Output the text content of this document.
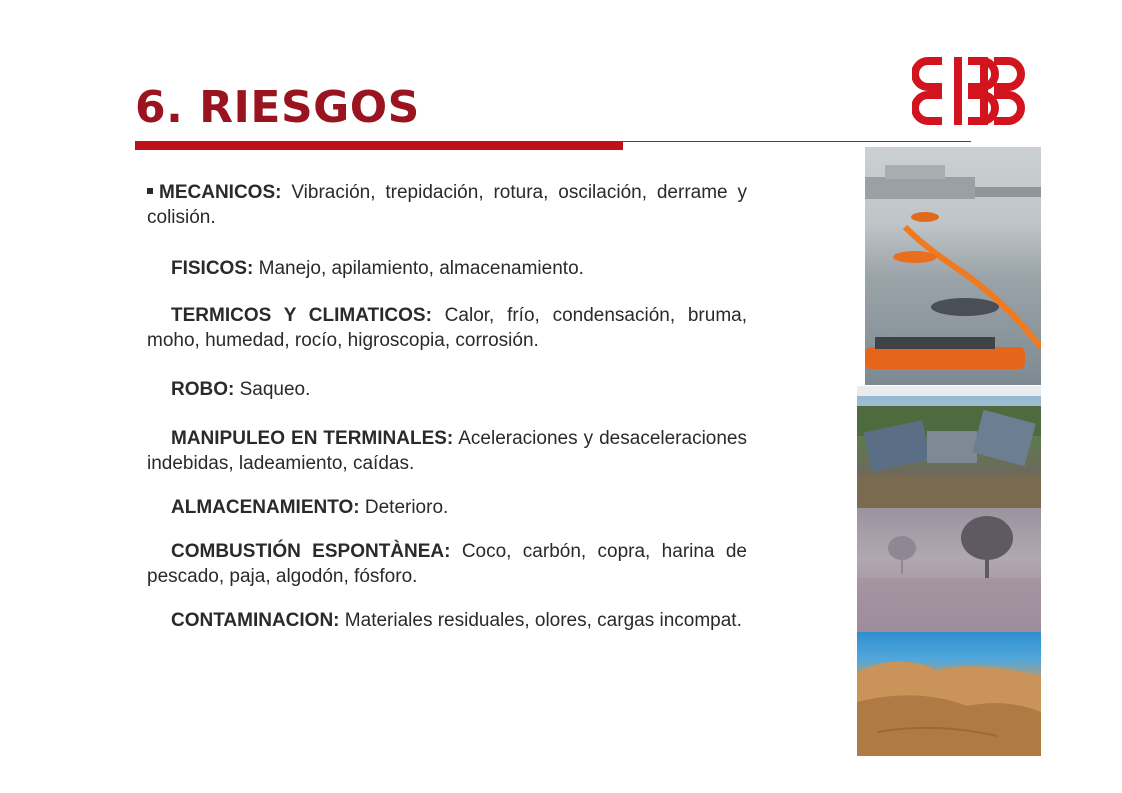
6. RIESGOS

MECANICOS: Vibración, trepidación, rotura, oscilación, derrame y colisión.

FISICOS: Manejo, apilamiento, almacenamiento.

TERMICOS Y CLIMATICOS: Calor, frío, condensación, bruma, moho, humedad, rocío, higroscopia, corrosión.

ROBO: Saqueo.

MANIPULEO EN TERMINALES: Aceleraciones y desaceleraciones indebidas, ladeamiento, caídas.

ALMACENAMIENTO: Deterioro.

COMBUSTIÓN ESPONTÀNEA: Coco, carbón, copra, harina de pescado, paja, algodón, fósforo.

CONTAMINACION: Materiales residuales, olores, cargas incompat.
